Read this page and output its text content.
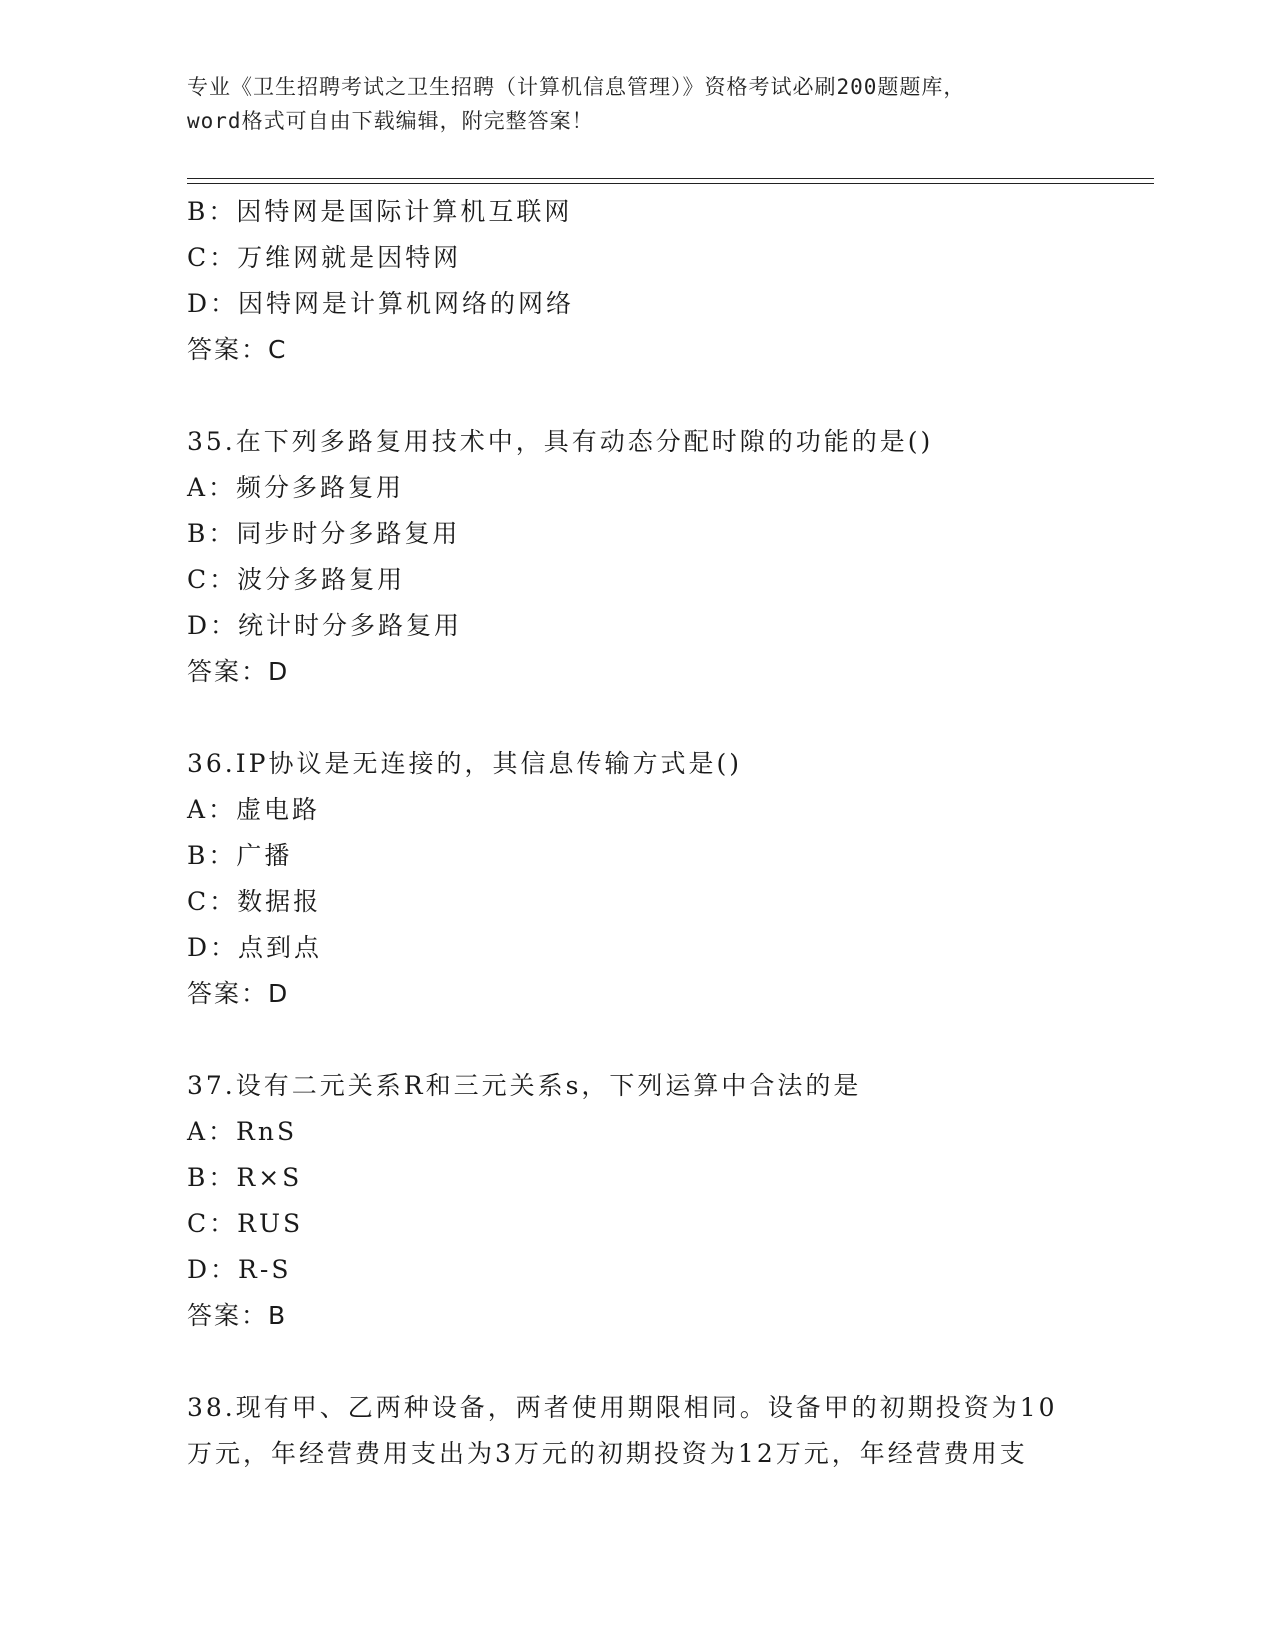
专业《卫生招聘考试之卫生招聘（计算机信息管理）》资格考试必刷200题题库，
word格式可自由下载编辑，附完整答案！
B：因特网是国际计算机互联网
C：万维网就是因特网
D：因特网是计算机网络的网络
答案：C
35.在下列多路复用技术中，具有动态分配时隙的功能的是()
A：频分多路复用
B：同步时分多路复用
C：波分多路复用
D：统计时分多路复用
答案：D
36.IP协议是无连接的，其信息传输方式是()
A：虚电路
B：广播
C：数据报
D：点到点
答案：D
37.设有二元关系R和三元关系s，下列运算中合法的是
A：RnS
B：R×S
C：RUS
D：R-S
答案：B
38.现有甲、乙两种设备，两者使用期限相同。设备甲的初期投资为10
万元，年经营费用支出为3万元的初期投资为12万元，年经营费用支
